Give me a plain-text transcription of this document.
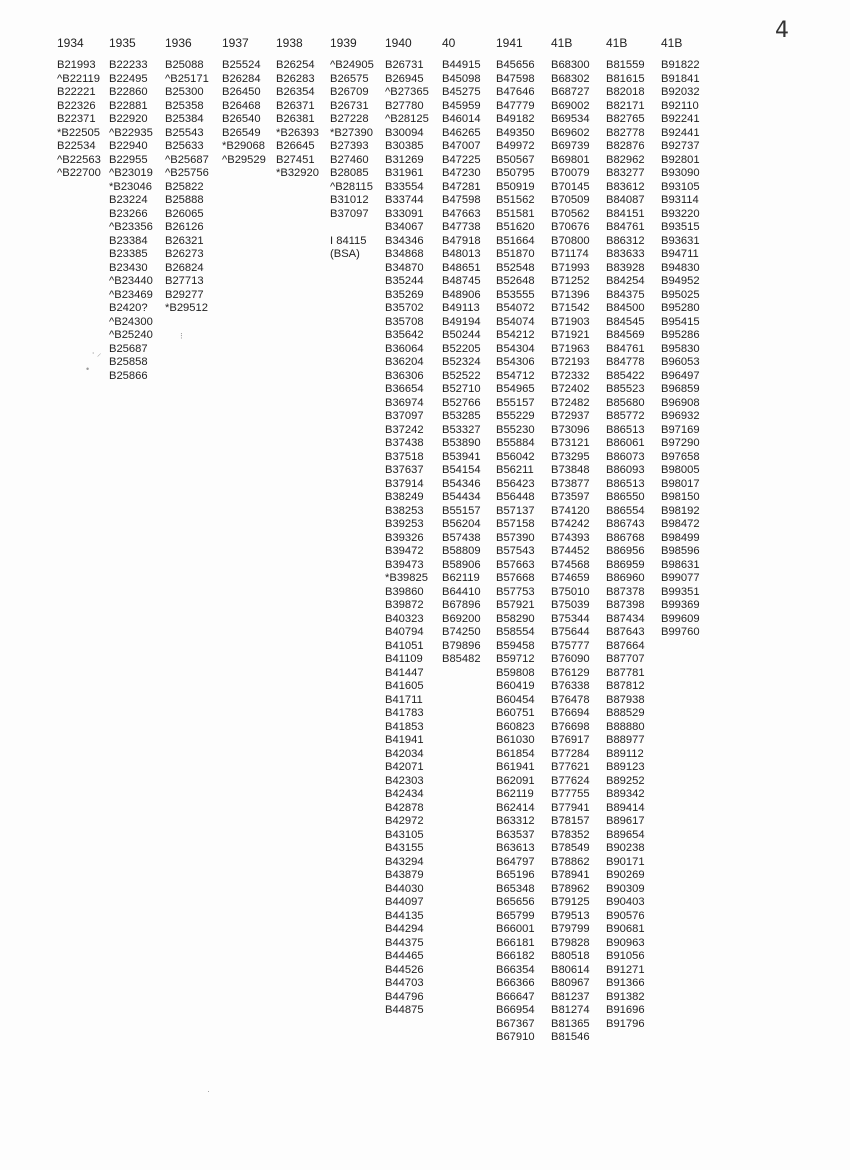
4
1934
B21993
^B22119
B22221
B22326
B22371
*B22505
B22534
^B22563
^B22700
1935
B22233
B22495
B22860
B22881
B22920
^B22935
B22940
B22955
^B23019
*B23046
B23224
B23266
^B23356
B23384
B23385
B23430
^B23440
^B23469
B2420?
^B24300
^B25240
B25687
B25858
B25866
1936
B25088
^B25171
B25300
B25358
B25384
B25543
B25633
^B25687
^B25756
B25822
B25888
B26065
B26126
B26321
B26273
B26824
B27713
B29277
*B29512
1937
B25524
B26284
B26450
B26468
B26540
B26549
*B29068
^B29529
1938
B26254
B26283
B26354
B26371
B26381
*B26393
B26645
B27451
*B32920
1939
^B24905
B26575
B26709
B26731
B27228
*B27390
B27393
B27460
B28085
^B28115
B31012
B37097
I 84115
(BSA)
1940
B26731
B26945
^B27365
B27780
^B28125
B30094
B30385
B31269
B31961
B33554
B33744
B33091
B34067
B34346
B34868
B34870
B35244
B35269
B35702
B35708
B35642
B36064
B36204
B36306
B36654
B36974
B37097
B37242
B37438
B37518
B37637
B37914
B38249
B38253
B39253
B39326
B39472
B39473
*B39825
B39860
B39872
B40323
B40794
B41051
B41109
B41447
B41605
B41711
B41783
B41853
B41941
B42034
B42071
B42303
B42434
B42878
B42972
B43105
B43155
B43294
B43879
B44030
B44097
B44135
B44294
B44375
B44465
B44526
B44703
B44796
B44875
40
B44915
B45098
B45275
B45959
B46014
B46265
B47007
B47225
B47230
B47281
B47598
B47663
B47738
B47918
B48013
B48651
B48745
B48906
B49113
B49194
B50244
B52205
B52324
B52522
B52710
B52766
B53285
B53327
B53890
B53941
B54154
B54346
B54434
B55157
B56204
B57438
B58809
B58906
B62119
B64410
B67896
B69200
B74250
B79896
B85482
1941
B45656
B47598
B47646
B47779
B49182
B49350
B49972
B50567
B50795
B50919
B51562
B51581
B51620
B51664
B51870
B52548
B52648
B53555
B54072
B54074
B54212
B54304
B54306
B54712
B54965
B55157
B55229
B55230
B55884
B56042
B56211
B56423
B56448
B57137
B57158
B57390
B57543
B57663
B57668
B57753
B57921
B58290
B58554
B59458
B59712
B59808
B60419
B60454
B60751
B60823
B61030
B61854
B61941
B62091
B62119
B62414
B63312
B63537
B63613
B64797
B65196
B65348
B65656
B65799
B66001
B66181
B66182
B66354
B66366
B66647
B66954
B67367
B67910
41B
B68300
B68302
B68727
B69002
B69534
B69602
B69739
B69801
B70079
B70145
B70509
B70562
B70676
B70800
B71174
B71993
B71252
B71396
B71542
B71903
B71921
B71963
B72193
B72332
B72402
B72482
B72937
B73096
B73121
B73295
B73848
B73877
B73597
B74120
B74242
B74393
B74452
B74568
B74659
B75010
B75039
B75344
B75644
B75777
B76090
B76129
B76338
B76478
B76694
B76698
B76917
B77284
B77621
B77624
B77755
B77941
B78157
B78352
B78549
B78862
B78941
B78962
B79125
B79513
B79799
B79828
B80518
B80614
B80967
B81237
B81274
B81365
B81546
41B
B81559
B81615
B82018
B82171
B82765
B82778
B82876
B82962
B83277
B83612
B84087
B84151
B84761
B86312
B83633
B83928
B84254
B84375
B84500
B84545
B84569
B84761
B84778
B85422
B85523
B85680
B85772
B86513
B86061
B86073
B86093
B86513
B86550
B86554
B86743
B86768
B86956
B86959
B86960
B87378
B87398
B87434
B87643
B87664
B87707
B87781
B87812
B87938
B88529
B88880
B88977
B89112
B89123
B89252
B89342
B89414
B89617
B89654
B90238
B90171
B90269
B90309
B90403
B90576
B90681
B90963
B91056
B91271
B91366
B91382
B91696
B91796
41B
B91822
B91841
B92032
B92110
B92241
B92441
B92737
B92801
B93090
B93105
B93114
B93220
B93515
B93631
B94711
B94830
B94952
B95025
B95280
B95415
B95286
B95830
B96053
B96497
B96859
B96908
B96932
B97169
B97290
B97658
B98005
B98017
B98150
B98192
B98472
B98499
B98596
B98631
B99077
B99351
B99369
B99609
B99760
⁝
⸱ ⸝
•
·
